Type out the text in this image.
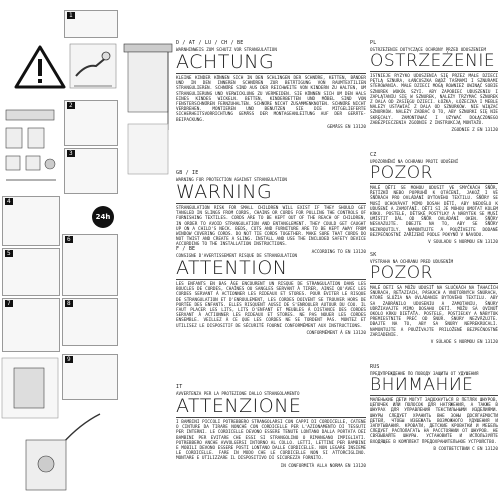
1
2
3
4
24h
5
6
7	8
9

D / AT / LU / CH / BE

WARNHINWEIS ZUM SCHUTZ VOR STRANGULATION

ACHTUNG

KLEINE KINDER KÖNNEN SICH IN DEN SCHLINGEN DER SCHNÜRE, KETTEN, BÄNDER UND IN DEN INNEREN SCHNÜREN ZUR BETÄTIGUNG VON RAUMTEXTILIEN STRANGULIEREN. SCHNÜRE SIND AUS DER REICHWEITE VON KINDERN ZU HALTEN, UM STRANGULIERUNG UND VERWICKLUNG ZU VERMEIDEN. SIE KÖNNEN SICH UM DEN HALS EINES KINDES WICKELN. BETTEN, KINDERBETTEN UND MÖBEL SIND VON FENSTERSCHNÜREN FERNZUHALTEN. SCHNÜRE NICHT ZUSAMMENKNOTEN. SCHNÜRE NICHT VERDREHEN. MONTIEREN UND BENUTZEN SIE DIE MITGELIEFERTE SICHERHEITSVORRICHTUNG GEMÄSS DER MONTAGEANLEITUNG AUF DER GERÄTE-BEIPACKUNG.

GEMÄSS EN 13120

GB / IE

WARNING FOR PROTECTION AGAINST STRANGULATION

WARNING

STRANGULATION RISK FOR SMALL CHILDREN WILL EXIST IF THEY SHOULD GET TANGLED IN SLINGS FROM CORDS, CHAINS OR CORDS FOR PULLING THE CONTROLS OF FURNISHING TEXTILES. CORDS ARE TO BE KEPT OUT OF THE REACH OF CHILDREN, IN ORDER TO AVOID STRANGULATION AND ENTANGLEMENT. THEY COULD GET CAUGHT UP ON A CHILD'S NECK. BEDS, COTS AND FURNITURE ARE TO BE KEPT AWAY FROM WINDOW COVERING CORDS. DO NOT TIE CORDS TOGETHER. MAKE SURE THAT CORDS DO NOT TWIST AND CREATE A SLING. INSTALL AND USE THE INCLUDED SAFETY DEVICE ACCORDING TO THE INSTALLATION INSTRUCTIONS.

ACCORDING TO EN 13120

F / BE

CONSIGNE D'AVERTISSEMENT RISQUE DE STRANGULATION

ATTENTION

LES ENFANTS EN BAS ÂGE ENCOURENT UN RISQUE DE STRANGULATION DANS LES BOUCLES DE CORDES, CHAÎNES OU SANGLES SERVANT À TIRER, AINSI QU'AVEC LES CORDES SERVANT À ACTIONNER LES RIDEAUX ET STORES. POUR ÉVITER LE RISQUE DE STRANGULATION ET D'ENROULEMENT, LES CORDES DOIVENT SE TROUVER HORS DE PORTÉE DES ENFANTS. ELLES RISQUENT AUSSI DE S'ENROULER AUTOUR DU COU. IL FAUT PLACER LES LITS, LITS D'ENFANT ET MEUBLES À DISTANCE DES CORDES SERVANT À ACTIONNER LES RIDEAUX ET STORES. NE PAS NOUER LES CORDES ENSEMBLE. VEILLEZ À CE QUE LES CORDES NE SE TORDENT PAS. MONTEZ ET UTILISEZ LE DISPOSITIF DE SÉCURITÉ FOURNI CONFORMÉMENT AUX INSTRUCTIONS.

CONFORMÉMENT À EN 13120

IT

AVVERTENZA PER LA PROTEZIONE DALLO STRANGOLAMENTO

ATTENZIONE

I BAMBINI PICCOLI POTREBBERO STRANGOLARSI CON CAPPI DI CORDICELLE, CATENE O CINTURE DA TIRARE NONCHÉ CON CORDICELLE PER L'AZIONAMENTO DI TESSUTI PER INTERNI. LE CORDICELLE DEVONO ESSERE TENUTE LONTANO DALLA PORTATA DEI BAMBINI PER EVITARE CHE ESSI SI STRANGOLINO O RIMANGANO IMPIGLIATI. POTREBBERO ANCHE AVVOLGERSI INTORNO AL COLLO. LETTI, LETTINI PER BAMBINI E MOBILI DEVONO ESSERE POSTI LONTANO DALLE CORDICELLE. NON LEGARE INSIEME LE CORDICELLE. FARE IN MODO CHE LE CORDICELLE NON SI ATTORCIGLINO. MONTARE E UTILIZZARE IL DISPOSITIVO DI SICUREZZA FORNITO.

IN CONFORMITÀ ALLA NORMA EN 13120

PL

OSTRZEŻENIE DOTYCZĄCE OCHRONY PRZED UDUSZENIEM

OSTRZEŻENIE

ISTNIEJE RYZYKO UDUSZENIA SIĘ PRZEZ MAŁE DZIECI PĘTLĄ SZNURA, ŁAŃCUSZKA BĄDŹ TAŚMAMI I SZNURAMI STEROWANIA. MAŁE DZIECI MOGĄ ROWNIEŻ OWINĄĆ SOBIE SZNUREK WOKÓŁ SZYI. ABY ZAPOBIEC UDUSZENIU I ZAPLĄTANIU SIĘ W SZNUREK, NALEŻY TRZYMAĆ SZNUREK Z DALA OD ZASIĘGU DZIECI. ŁÓŻKA, ŁÓŻECZKA I MEBLE NALEŻY USTAWIAĆ Z DALA OD SZNURKÓW. NIE WIĄZAĆ SZNURKÓW. NALEŻY ZADBAĆ O TO, ABY SZNURKI SIĘ NIE SKRĘCAŁY. ZAMONTOWAĆ I UŻYWAĆ DOŁĄCZONEGO ZABEZPIECZENIA ZGODNIE Z INSTRUKCJĄ MONTAŻU.

ZGODNIE Z EN 13120

CZ

UPOZORNĚNÍ NA OCHRANU PROTI UDUŠENÍ

POZOR

MALÉ DĚTI SE MOHOU UDUSIT VE SMYČKÁCH ŠŇŮR, ŘETÍZKŮ NEBO POPRUHŮ K OTÁČENÍ, JAKOŽ I VE ŠŇŮRÁCH PRO OVLÁDÁNÍ BYTOVÉHO TEXTILU. ŠŇŮRY SE MUSÍ UCHOVÁVAT MIMO DOSAH DĚTÍ, ABY NEDOŠLO K UDUŠENÍ A ZAMOTÁNÍ. DĚTI SI JE MOHOU OMOTAT KOLEM KRKU. POSTELE, DĚTSKÉ POSTÝLKY A NÁBYTEK SE MUSÍ UMÍSTIT DÁL OD ŠŇŮR OVLÁDÁNÍ OKEN. ŠŇŮRY NESVAZUJTE. DBEJTE NA TO, ABY SE ŠŇŮRY NEZKROUTILY. NAMONTUJTE A POUŽÍVEJTE DODANÉ BEZPEČNOSTNÍ ZAŘÍZENÍ PODLE POKYNŮ V NÁVODU.

V SOULADU S NORMOU EN 13120

SK

VÝSTRAHA NA OCHRANU PRED UDUSENÍM

POZOR

MALÉ DETI SA MÔŽU UDUSIŤ NA SLUČKÁCH NA ŤAHACÍCH ŠNÚRACH, REŤAZIACH, PÁSKACH A VNÚTORNÝCH ŠNÚRACH, KTORÉ SLÚŽIA NA OVLÁDANIE BYTOVÉHO TEXTILU. ABY SA ZABRÁNILO UDUSENIU A ZAMOTANIU, ŠNÚRY UDRŽIAVAJTE MIMO DOSAHU DETÍ. MÔŽU SA OVINÚŤ OKOLO KRKU DIEŤAŤA. POSTELE, POSTIEĽKY A NÁBYTOK PREMIESTNITE PREČ OD ŠNÚR. ŠNÚRY NEZVÄZUJTE. DBAJTE NA TO, ABY SA ŠNÚRY NEPREKRÚCALI. NAMONTUJTE A POUŽÍVAJTE PRILOŽENÉ BEZPEČNOSTNÉ ZARIADENIE.

V SÚLADE S NORMOU EN 13120

RUS

ПРЕДУПРЕЖДЕНИЕ ПО ПОВОДУ ЗАЩИТЫ ОТ УДУШЕНИЯ

ВНИМАНИЕ

МАЛЕНЬКИЕ ДЕТИ МОГУТ ЗАДОХНУТЬСЯ В ПЕТЛЯХ ШНУРОВ, ЦЕПОЧЕК ИЛИ ПОЛОСОК ДЛЯ НАТЯЖЕНИЯ, А ТАКЖЕ В ШНУРАХ ДЛЯ УПРАВЛЕНИЯ ТЕКСТИЛЬНЫМИ ИЗДЕЛИЯМИ. ШНУРЫ СЛЕДУЕТ ХРАНИТЬ ВНЕ ЗОНЫ ДОСЯГАЕМОСТИ ДЕТЕЙ, ЧТОБЫ ИЗБЕЖАТЬ ВОЗМОЖНОГО УДУШЕНИЯ И ЗАПУТЫВАНИЯ. КРОВАТИ, ДЕТСКИЕ КРОВАТКИ И МЕБЕЛЬ СЛЕДУЕТ РАСПОЛАГАТЬ НА РАССТОЯНИИ ОТ ШНУРОВ. НЕ СВЯЗЫВАЙТЕ ШНУРЫ. УСТАНОВИТЕ И ИСПОЛЬЗУЙТЕ ВХОДЯЩЕЕ В КОМПЛЕКТ ПРЕДОХРАНИТЕЛЬНОЕ УСТРОЙСТВО.

В СООТВЕТСТВИИ С EN 13120
